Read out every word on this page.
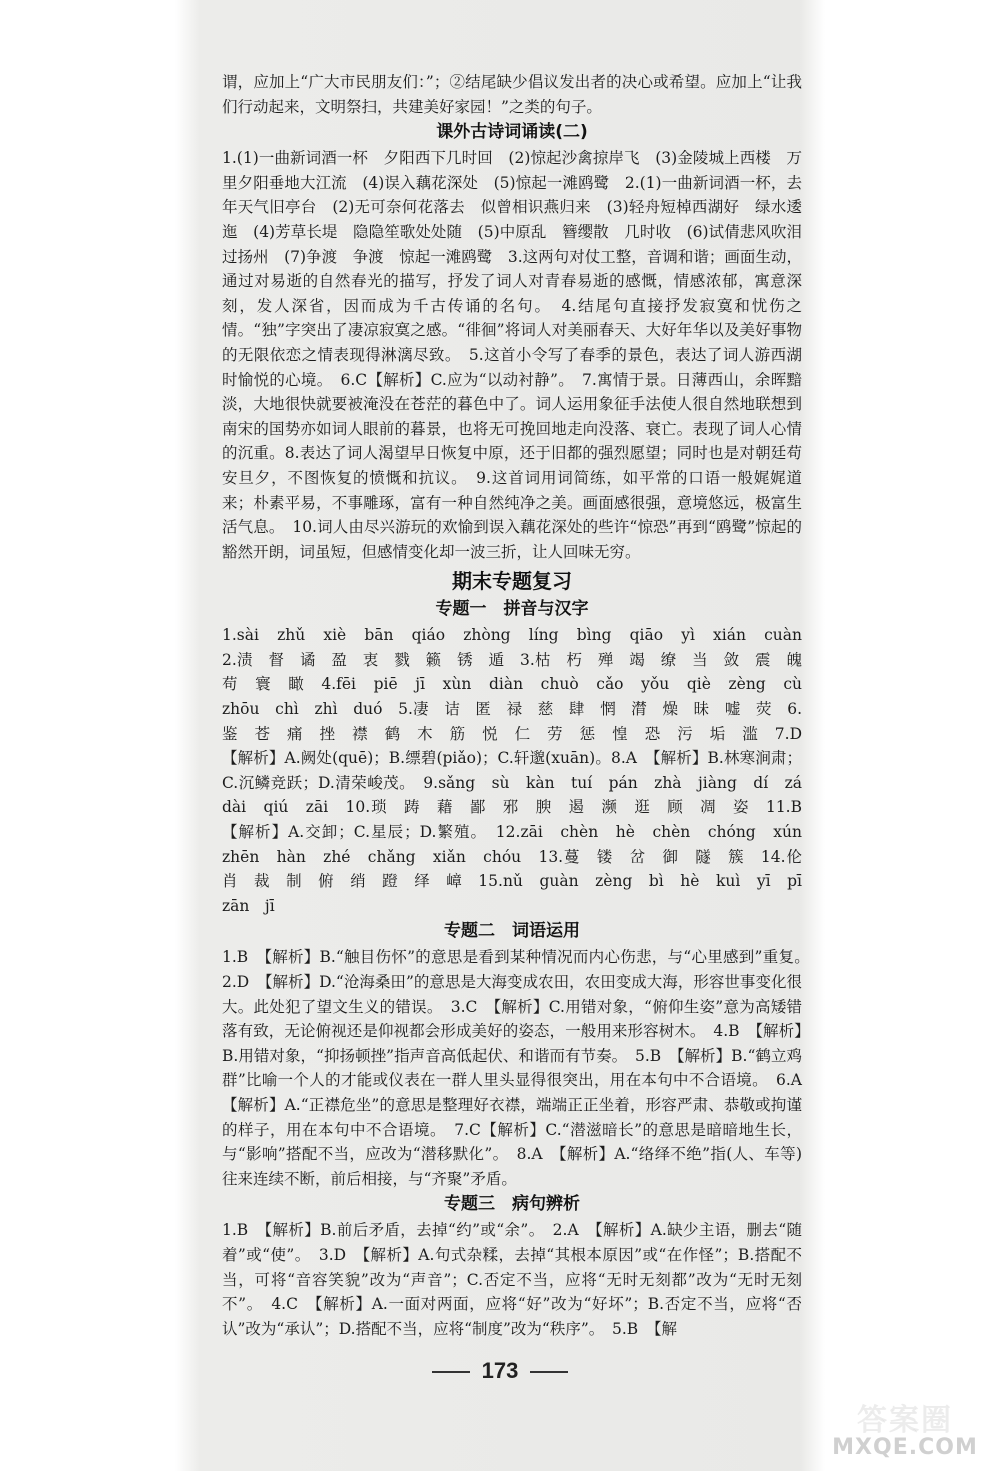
谓，应加上“广大市民朋友们：”；②结尾缺少倡议发出者的决心或希望。应加上“让我们行动起来，文明祭扫，共建美好家园！”之类的句子。

课外古诗词诵读(二)

1.(1)一曲新词酒一杯　夕阳西下几时回　(2)惊起沙禽掠岸飞　(3)金陵城上西楼　万里夕阳垂地大江流　(4)误入藕花深处　(5)惊起一滩鸥鹭　2.(1)一曲新词酒一杯，去年天气旧亭台　(2)无可奈何花落去　似曾相识燕归来　(3)轻舟短棹西湖好　绿水逶迤　(4)芳草长堤　隐隐笙歌处处随　(5)中原乱　簪缨散　几时收　(6)试倩悲风吹泪过扬州　(7)争渡　争渡　惊起一滩鸥鹭　3.这两句对仗工整，音调和谐；画面生动，通过对易逝的自然春光的描写，抒发了词人对青春易逝的感慨，情感浓郁，寓意深刻，发人深省，因而成为千古传诵的名句。　4.结尾句直接抒发寂寞和忧伤之情。“独”字突出了凄凉寂寞之感。“徘徊”将词人对美丽春天、大好年华以及美好事物的无限依恋之情表现得淋漓尽致。　5.这首小令写了春季的景色，表达了词人游西湖时愉悦的心境。　6.C【解析】C.应为“以动衬静”。　7.寓情于景。日薄西山，余晖黯淡，大地很快就要被淹没在苍茫的暮色中了。词人运用象征手法使人很自然地联想到南宋的国势亦如词人眼前的暮景，也将无可挽回地走向没落、衰亡。表现了词人心情的沉重。8.表达了词人渴望早日恢复中原，还于旧都的强烈愿望；同时也是对朝廷苟安旦夕，不图恢复的愤慨和抗议。　9.这首词用词简练，如平常的口语一般娓娓道来；朴素平易，不事雕琢，富有一种自然纯净之美。画面感很强，意境悠远，极富生活气息。　10.词人由尽兴游玩的欢愉到误入藕花深处的些许“惊恐”再到“鸥鹭”惊起的豁然开朗，词虽短，但感情变化却一波三折，让人回味无穷。

期末专题复习
专题一　拼音与汉字

1.sài　zhǔ　xiè　bān　qiáo　zhòng　líng　bìng　qiāo　yì　xián　cuàn　2.渍　督　谲　盈　衷　戮　籁　锈　遁　3.枯　朽　殚　竭　缭　当　敛　震　魄　苟　寰　瞰　4.fēi　piē　jī　xùn　diàn　chuò　cǎo　yǒu　qiè　zèng　cù　zhōu　chì　zhì　duó　5.凄　诘　匿　禄　慈　肆　惘　潸　燥　昧　嘘　荧　6.鉴　苍　痛　挫　襟　鹤　木　筋　悦　仁　劳　惩　惶　恐　污　垢　滥　7.D　【解析】A.阙处(quē)；B.缥碧(piǎo)；C.轩邈(xuān)。8.A　【解析】B.林寒涧肃；C.沉鳞竞跃；D.清荣峻茂。　9.sǎng　sù　kàn　tuí　pán　zhà　jiàng　dí　zá　dài　qiú　zāi　10.琐　踌　藉　鄙　邪　腴　遏　濒　逛　顾　凋　姿　11.B　【解析】A.交卸；C.星辰；D.繁殖。　12.zāi　chèn　hè　chèn　chóng　xún　zhēn　hàn　zhé　chǎng　xiǎn　chóu　13.蔓　镂　岔　御　隧　簇　14.伦　肖　裁　制　俯　绡　蹬　绎　嶂　15.nǔ　guàn　zèng　bì　hè　kuì　yī　pī　zān　jī

专题二　词语运用

1.B　【解析】B.“触目伤怀”的意思是看到某种情况而内心伤悲，与“心里感到”重复。　2.D　【解析】D.“沧海桑田”的意思是大海变成农田，农田变成大海，形容世事变化很大。此处犯了望文生义的错误。　3.C　【解析】C.用错对象，“俯仰生姿”意为高矮错落有致，无论俯视还是仰视都会形成美好的姿态，一般用来形容树木。　4.B　【解析】B.用错对象，“抑扬顿挫”指声音高低起伏、和谐而有节奏。　5.B　【解析】B.“鹤立鸡群”比喻一个人的才能或仪表在一群人里头显得很突出，用在本句中不合语境。　6.A　【解析】A.“正襟危坐”的意思是整理好衣襟，端端正正坐着，形容严肃、恭敬或拘谨的样子，用在本句中不合语境。　7.C【解析】C.“潜滋暗长”的意思是暗暗地生长，与“影响”搭配不当，应改为“潜移默化”。　8.A　【解析】A.“络绎不绝”指(人、车等)往来连续不断，前后相接，与“齐聚”矛盾。

专题三　病句辨析

1.B　【解析】B.前后矛盾，去掉“约”或“余”。　2.A　【解析】A.缺少主语，删去“随着”或“使”。　3.D　【解析】A.句式杂糅，去掉“其根本原因”或“在作怪”；B.搭配不当，可将“音容笑貌”改为“声音”；C.否定不当，应将“无时无刻都”改为“无时无刻不”。　4.C　【解析】A.一面对两面，应将“好”改为“好坏”；B.否定不当，应将“否认”改为“承认”；D.搭配不当，应将“制度”改为“秩序”。　5.B　【解

173
答案圈
MXQE.COM
